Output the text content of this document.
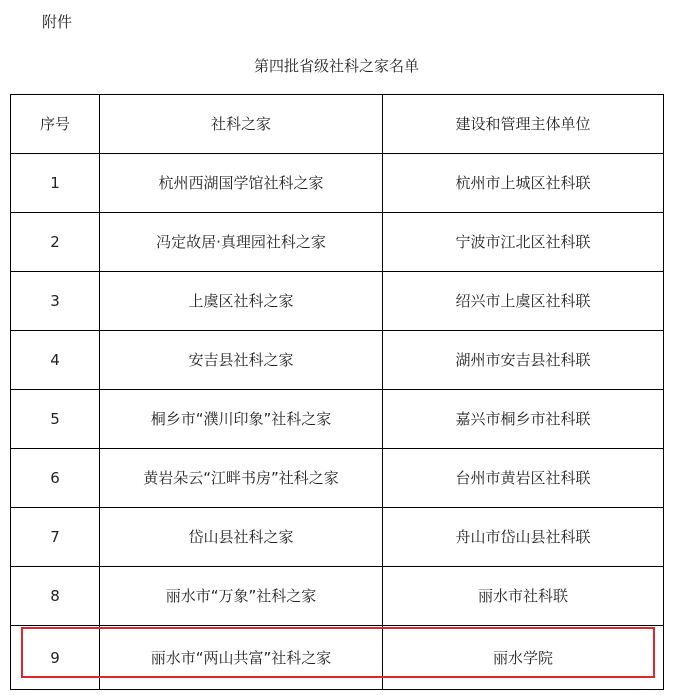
附件
第四批省级社科之家名单
序号	社科之家	建设和管理主体单位
1	杭州西湖国学馆社科之家	杭州市上城区社科联
2	冯定故居·真理园社科之家	宁波市江北区社科联
3	上虞区社科之家	绍兴市上虞区社科联
4	安吉县社科之家	湖州市安吉县社科联
5	桐乡市“濮川印象”社科之家	嘉兴市桐乡市社科联
6	黄岩朵云“江畔书房”社科之家	台州市黄岩区社科联
7	岱山县社科之家	舟山市岱山县社科联
8	丽水市“万象”社科之家	丽水市社科联
9	丽水市“两山共富”社科之家	丽水学院
